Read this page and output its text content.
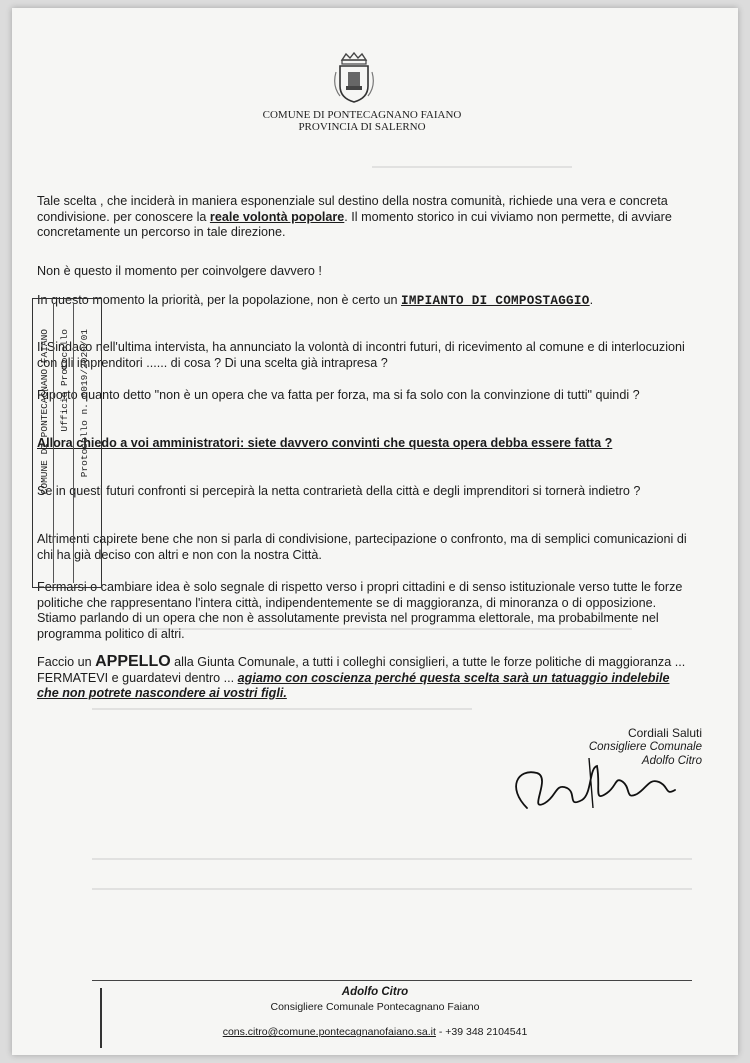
COMUNE DI PONTECAGNANO FAIANO
PROVINCIA DI SALERNO
Tale scelta , che inciderà in maniera esponenziale sul destino della nostra comunità, richiede una vera e concreta condivisione. per conoscere la reale volontà popolare. Il momento storico in cui viviamo non permette, di avviare concretamente un percorso in tale direzione.
Non è questo il momento per coinvolgere davvero !
In questo momento la priorità, per la popolazione, non è certo un IMPIANTO DI COMPOSTAGGIO.
Il Sindaco nell'ultima intervista, ha annunciato la volontà di incontri futuri, di ricevimento al comune e di interlocuzioni con gli imprenditori ...... di cosa ? Di una scelta già intrapresa ?
Riporto quanto detto "non è un opera che va fatta per forza, ma si fa solo con la convinzione di tutti" quindi ?
Allora chiedo a voi amministratori: siete davvero convinti che questa opera debba essere fatta ?
Se in questi futuri confronti si percepirà la netta contrarietà della città e degli imprenditori si tornerà indietro ?
Altrimenti capirete bene che non si parla di condivisione, partecipazione o confronto, ma di semplici comunicazioni di chi ha già deciso con altri e non con la nostra Città.
Fermarsi o cambiare idea è solo segnale di rispetto verso i propri cittadini e di senso istituzionale verso tutte le forze politiche che rappresentano l'intera città, indipendentemente se di maggioranza, di minoranza o di opposizione. Stiamo parlando di un opera che non è assolutamente prevista nel programma elettorale, ma probabilmente nel programma politico di altri.
Faccio un APPELLO alla Giunta Comunale, a tutti i colleghi consiglieri, a tutte le forze politiche di maggioranza ... FERMATEVI e guardatevi dentro ... agiamo con coscienza perché questa scelta sarà un tatuaggio indelebile che non potrete nascondere ai vostri figli.
COMUNE DI PONTECAGNANO FAIANO Ufficio Protocollo Protocollo n. 0019/2020/01
Cordiali Saluti
Consigliere Comunale
Adolfo Citro
Adolfo Citro
Consigliere Comunale Pontecagnano Faiano
cons.citro@comune.pontecagnanofaiano.sa.it - +39 348 2104541
